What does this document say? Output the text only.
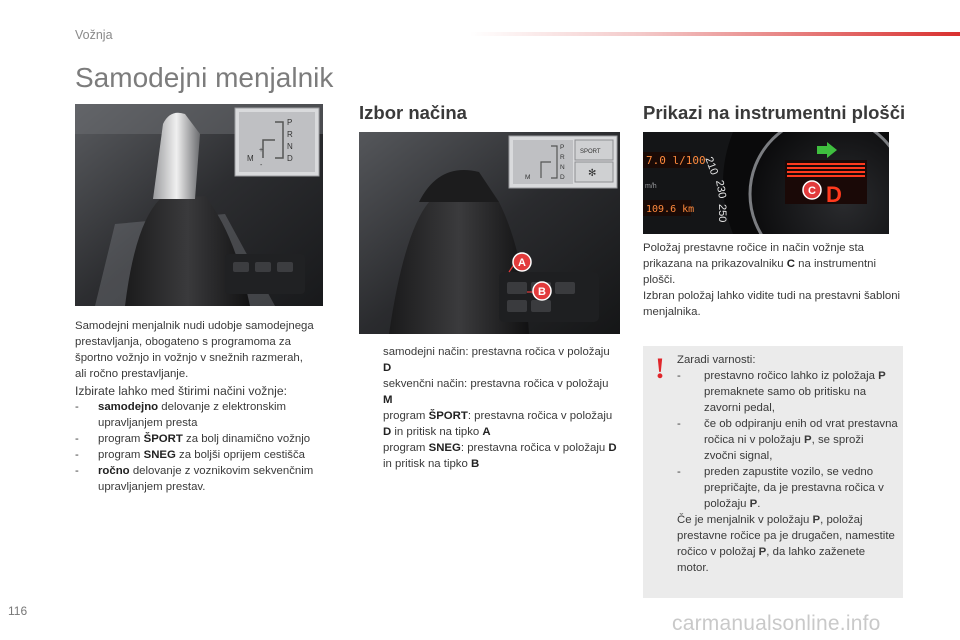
Vožnja
Samodejni menjalnik
P
R
N
D
M
+
-
Samodejni menjalnik nudi udobje samodejnega
prestavljanja, obogateno s programoma za
športno vožnjo in vožnjo v snežnih razmerah,
ali ročno prestavljanje.
Izbirate lahko med štirimi načini vožnje:
- samodejno delovanje z elektronskim upravljanjem presta
- program ŠPORT za bolj dinamično vožnjo
- program SNEG za boljši oprijem cestišča
- ročno delovanje z voznikovim sekvenčnim upravljanjem prestav.
Izbor načina
P
R
N
D
M
SPORT
✻
A
B
samodejni način: prestavna ročica v položaju D
sekvenčni način: prestavna ročica v položaju M
program ŠPORT: prestavna ročica v položaju D in pritisk na tipko A
program SNEG: prestavna ročica v položaju D in pritisk na tipko B
Prikazi na instrumentni plošči
7.0 l/100
m/h
109.6 km
210
230
250
C D

Položaj prestavne ročice in način vožnje sta prikazana na prikazovalniku C na instrumentni plošči.

Izbran položaj lahko vidite tudi na prestavni šabloni menjalnika.

! Zaradi varnosti:
- prestavno ročico lahko iz položaja P premaknete samo ob pritisku na zavorni pedal,
- če ob odpiranju enih od vrat prestavna ročica ni v položaju P, se sproži zvočni signal,
- preden zapustite vozilo, se vedno prepričajte, da je prestavna ročica v položaju P.

Če je menjalnik v položaju P, položaj prestavne ročice pa je drugačen, namestite ročico v položaj P, da lahko zaženete motor.

116
carmanualsonline.info
